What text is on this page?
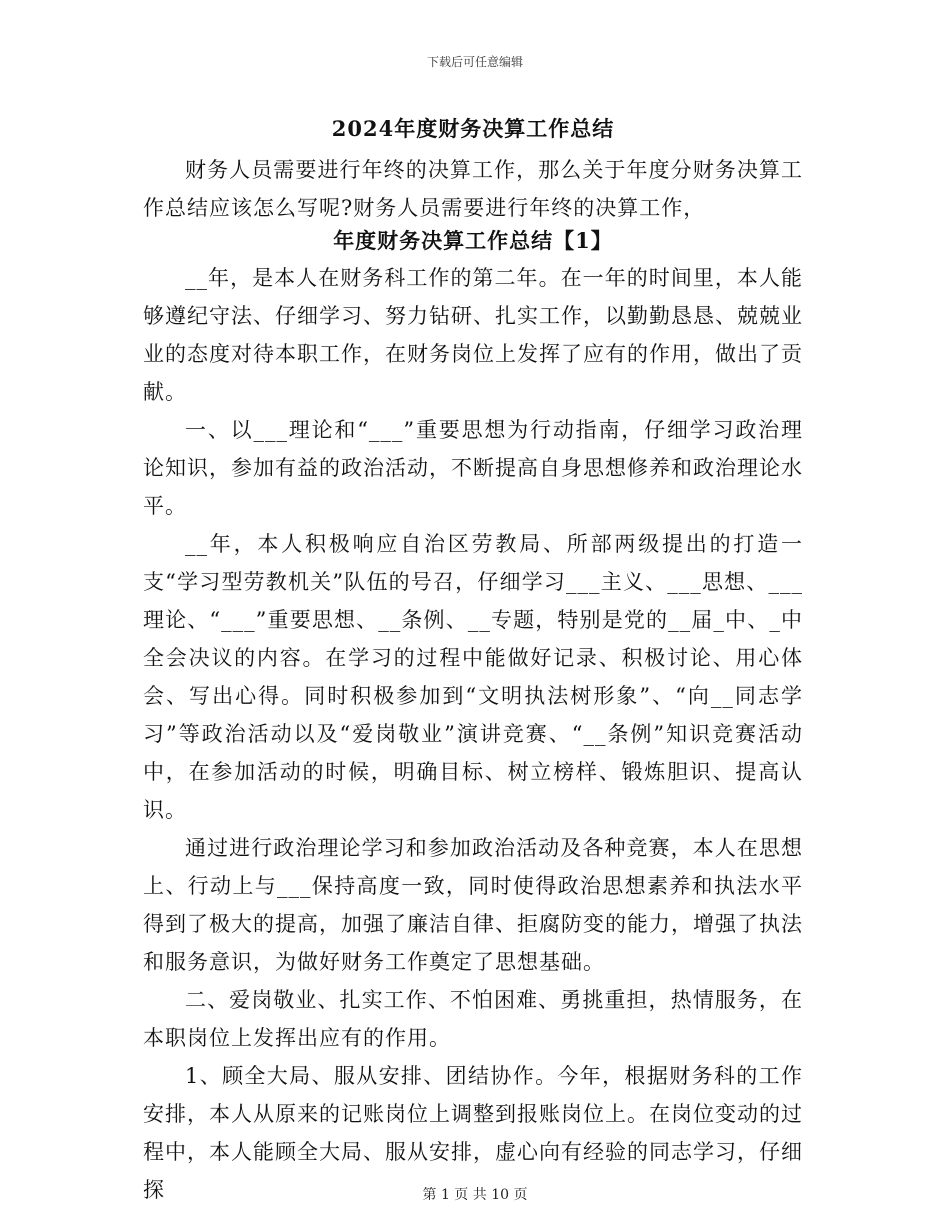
下载后可任意编辑

2024年度财务决算工作总结

财务人员需要进行年终的决算工作，那么关于年度分财务决算工作总结应该怎么写呢?财务人员需要进行年终的决算工作，

年度财务决算工作总结【1】

__年，是本人在财务科工作的第二年。在一年的时间里，本人能够遵纪守法、仔细学习、努力钻研、扎实工作，以勤勤恳恳、兢兢业业的态度对待本职工作，在财务岗位上发挥了应有的作用，做出了贡献。

一、以___理论和“___”重要思想为行动指南，仔细学习政治理论知识，参加有益的政治活动，不断提高自身思想修养和政治理论水平。

__年，本人积极响应自治区劳教局、所部两级提出的打造一支“学习型劳教机关”队伍的号召，仔细学习___主义、___思想、___理论、“___”重要思想、__条例、__专题，特别是党的__届_中、_中全会决议的内容。在学习的过程中能做好记录、积极讨论、用心体会、写出心得。同时积极参加到“文明执法树形象”、“向__同志学习”等政治活动以及“爱岗敬业”演讲竞赛、“__条例”知识竞赛活动中，在参加活动的时候，明确目标、树立榜样、锻炼胆识、提高认识。

通过进行政治理论学习和参加政治活动及各种竞赛，本人在思想上、行动上与___保持高度一致，同时使得政治思想素养和执法水平得到了极大的提高，加强了廉洁自律、拒腐防变的能力，增强了执法和服务意识，为做好财务工作奠定了思想基础。

二、爱岗敬业、扎实工作、不怕困难、勇挑重担，热情服务，在本职岗位上发挥出应有的作用。

1、顾全大局、服从安排、团结协作。今年，根据财务科的工作安排，本人从原来的记账岗位上调整到报账岗位上。在岗位变动的过程中，本人能顾全大局、服从安排，虚心向有经验的同志学习，仔细探	第 1 页 共 10 页
